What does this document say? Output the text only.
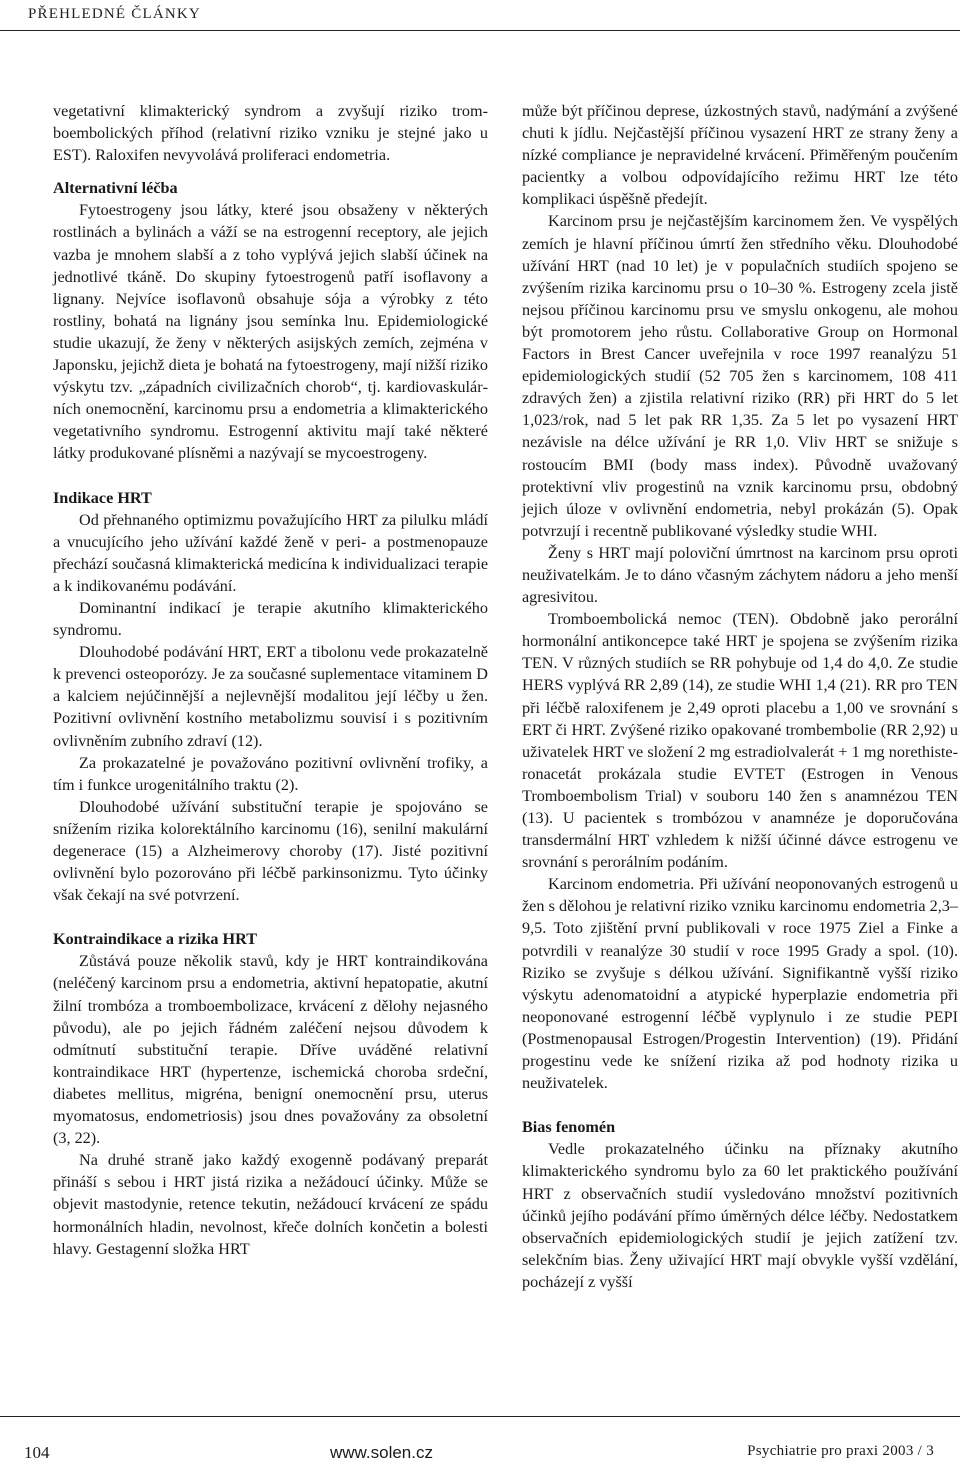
PŘEHLEDNÉ ČLÁNKY

vegetativní klimakterický syndrom a zvyšují riziko tromboembolických příhod (relativní riziko vzniku je stejné jako u EST). Raloxifen nevyvolává proliferaci endometria.

Alternativní léčba

Fytoestrogeny jsou látky, které jsou obsaženy v některých rostlinách a bylinách a váží se na estrogenní receptory, ale jejich vazba je mnohem slabší a z toho vyplývá jejich slabší účinek na jednotlivé tkáně. Do skupiny fytoestrogenů patří isoflavony a lignany. Nejvíce isoflavonů obsahuje sója a výrobky z této rostliny, bohatá na lignány jsou semínka lnu. Epidemiologické studie ukazují, že ženy v některých asijských zemích, zejména v Japonsku, jejichž dieta je bohatá na fytoestrogeny, mají nižší riziko výskytu tzv. „západních civilizačních chorob“, tj. kardiovaskulárních onemocnění, karcinomu prsu a endometria a klimakterického vegetativního syndromu. Estrogenní aktivitu mají také některé látky produkované plísněmi a nazývají se mycoestrogeny.

Indikace HRT

Od přehnaného optimizmu považujícího HRT za pilulku mládí a vnucujícího jeho užívání každé ženě v peri- a postmenopauze přechází současná klimakterická medicína k individualizaci terapie a k indikovanému podávání.

Dominantní indikací je terapie akutního klimakterického syndromu.

Dlouhodobé podávání HRT, ERT a tibolonu vede prokazatelně k prevenci osteoporózy. Je za současné suplementace vitaminem D a kalciem nejúčinnější a nejlevnější modalitou její léčby u žen. Pozitivní ovlivnění kostního metabolizmu souvisí i s pozitivním ovlivněním zubního zdraví (12).

Za prokazatelné je považováno pozitivní ovlivnění trofiky, a tím i funkce urogenitálního traktu (2).

Dlouhodobé užívání substituční terapie je spojováno se snížením rizika kolorektálního karcinomu (16), senilní makulární degenerace (15) a Alzheimerovy choroby (17). Jisté pozitivní ovlivnění bylo pozorováno při léčbě parkinsonizmu. Tyto účinky však čekají na své potvrzení.

Kontraindikace a rizika HRT

Zůstává pouze několik stavů, kdy je HRT kontraindikována (neléčený karcinom prsu a endometria, aktivní hepatopatie, akutní žilní trombóza a tromboembolizace, krvácení z dělohy nejasného původu), ale po jejich řádném zaléčení nejsou důvodem k odmítnutí substituční terapie. Dříve uváděné relativní kontraindikace HRT (hypertenze, ischemická choroba srdeční, diabetes mellitus, migréna, benigní onemocnění prsu, uterus myomatosus, endometriosis) jsou dnes považovány za obsoletní (3, 22).

Na druhé straně jako každý exogenně podávaný preparát přináší s sebou i HRT jistá rizika a nežádoucí účinky. Může se objevit mastodynie, retence tekutin, nežádoucí krvácení ze spádu hormonálních hladin, nevolnost, křeče dolních končetin a bolesti hlavy. Gestagenní složka HRT

může být příčinou deprese, úzkostných stavů, nadýmání a zvýšené chuti k jídlu. Nejčastější příčinou vysazení HRT ze strany ženy a nízké compliance je nepravidelné krvácení. Přiměřeným poučením pacientky a volbou odpovídajícího režimu HRT lze této komplikaci úspěšně předejít.

Karcinom prsu je nejčastějším karcinomem žen. Ve vyspělých zemích je hlavní příčinou úmrtí žen středního věku. Dlouhodobé užívání HRT (nad 10 let) je v populačních studiích spojeno se zvýšením rizika karcinomu prsu o 10–30 %. Estrogeny zcela jistě nejsou příčinou karcinomu prsu ve smyslu onkogenu, ale mohou být promotorem jeho růstu. Collaborative Group on Hormonal Factors in Brest Cancer uveřejnila v roce 1997 reanalýzu 51 epidemiologických studií (52 705 žen s karcinomem, 108 411 zdravých žen) a zjistila relativní riziko (RR) při HRT do 5 let 1,023/rok, nad 5 let pak RR 1,35. Za 5 let po vysazení HRT nezávisle na délce užívání je RR 1,0. Vliv HRT se snižuje s rostoucím BMI (body mass index). Původně uvažovaný protektivní vliv progestinů na vznik karcinomu prsu, obdobný jejich úloze v ovlivnění endometria, nebyl prokázán (5). Opak potvrzují i recentně publikované výsledky studie WHI.

Ženy s HRT mají poloviční úmrtnost na karcinom prsu oproti neuživatelkám. Je to dáno včasným záchytem nádoru a jeho menší agresivitou.

Tromboembolická nemoc (TEN). Obdobně jako perorální hormonální antikoncepce také HRT je spojena se zvýšením rizika TEN. V různých studiích se RR pohybuje od 1,4 do 4,0. Ze studie HERS vyplývá RR 2,89 (14), ze studie WHI 1,4 (21). RR pro TEN při léčbě raloxifenem je 2,49 oproti placebu a 1,00 ve srovnání s ERT či HRT. Zvýšené riziko opakované trombembolie (RR 2,92) u uživatelek HRT ve složení 2 mg estradiolvalerát + 1 mg norethisteronacetát prokázala studie EVTET (Estrogen in Venous Tromboembolism Trial) v souboru 140 žen s anamnézou TEN (13). U pacientek s trombózou v anamnéze je doporučována transdermální HRT vzhledem k nižší účinné dávce estrogenu ve srovnání s perorálním podáním.

Karcinom endometria. Při užívání neoponovaných estrogenů u žen s dělohou je relativní riziko vzniku karcinomu endometria 2,3–9,5. Toto zjištění první publikovali v roce 1975 Ziel a Finke a potvrdili v reanalýze 30 studií v roce 1995 Grady a spol. (10). Riziko se zvyšuje s délkou užívání. Signifikantně vyšší riziko výskytu adenomatoidní a atypické hyperplazie endometria při neoponované estrogenní léčbě vyplynulo i ze studie PEPI (Postmenopausal Estrogen/Progestin Intervention) (19). Přidání progestinu vede ke snížení rizika až pod hodnoty rizika u neuživatelek.

Bias fenomén

Vedle prokazatelného účinku na příznaky akutního klimakterického syndromu bylo za 60 let praktického používání HRT z observačních studií vysledováno množství pozitivních účinků jejího podávání přímo úměrných délce léčby. Nedostatkem observačních epidemiologických studií je jejich zatížení tzv. selekčním bias. Ženy uživající HRT mají obvykle vyšší vzdělání, pocházejí z vyšší

104	www.solen.cz	Psychiatrie pro praxi 2003 / 3
